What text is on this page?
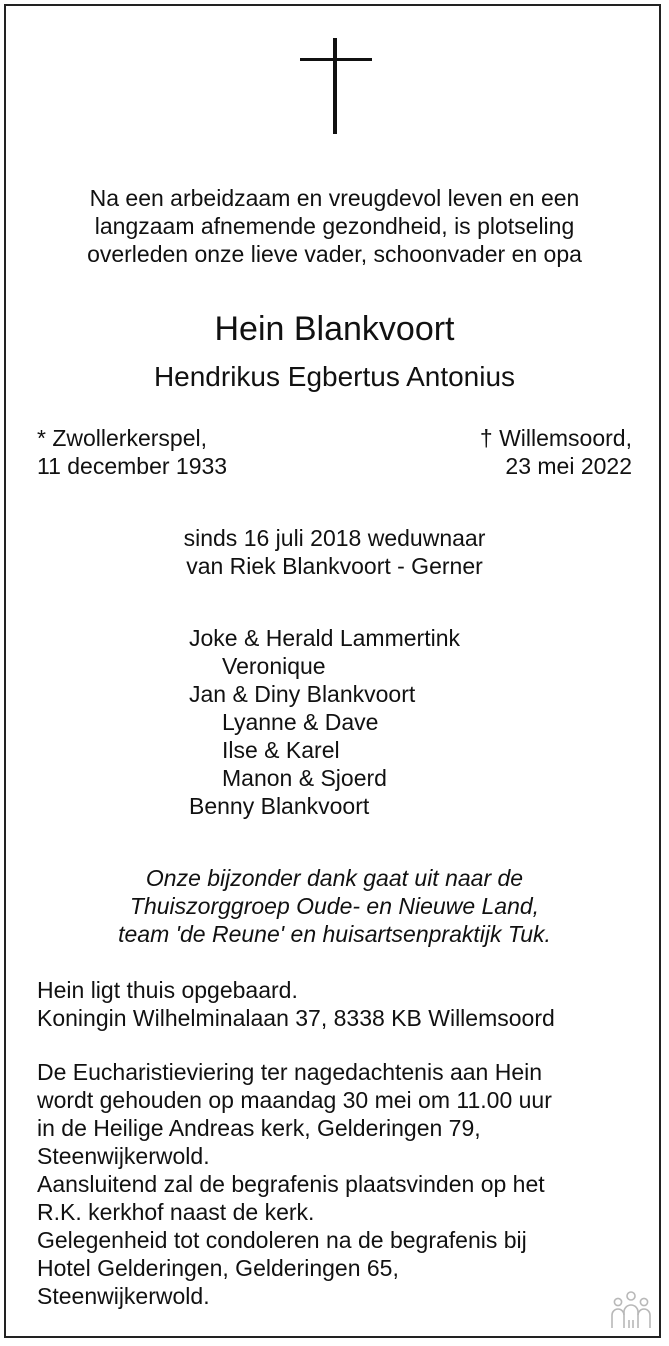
Na een arbeidzaam en vreugdevol leven en een
langzaam afnemende gezondheid, is plotseling
overleden onze lieve vader, schoonvader en opa
Hein Blankvoort
Hendrikus Egbertus Antonius
* Zwollerkerspel,
11 december 1933
† Willemsoord,
23 mei 2022
sinds 16 juli 2018 weduwnaar
van Riek Blankvoort - Gerner
Joke & Herald Lammertink
Veronique
Jan & Diny Blankvoort
Lyanne & Dave
Ilse & Karel
Manon & Sjoerd
Benny Blankvoort
Onze bijzonder dank gaat uit naar de
Thuiszorggroep Oude- en Nieuwe Land,
team 'de Reune' en huisartsenpraktijk Tuk.
Hein ligt thuis opgebaard.
Koningin Wilhelminalaan 37, 8338 KB Willemsoord
De Eucharistieviering ter nagedachtenis aan Hein
wordt gehouden op maandag 30 mei om 11.00 uur
in de Heilige Andreas kerk, Gelderingen 79,
Steenwijkerwold.
Aansluitend zal de begrafenis plaatsvinden op het
R.K. kerkhof naast de kerk.
Gelegenheid tot condoleren na de begrafenis bij
Hotel Gelderingen, Gelderingen 65,
Steenwijkerwold.
